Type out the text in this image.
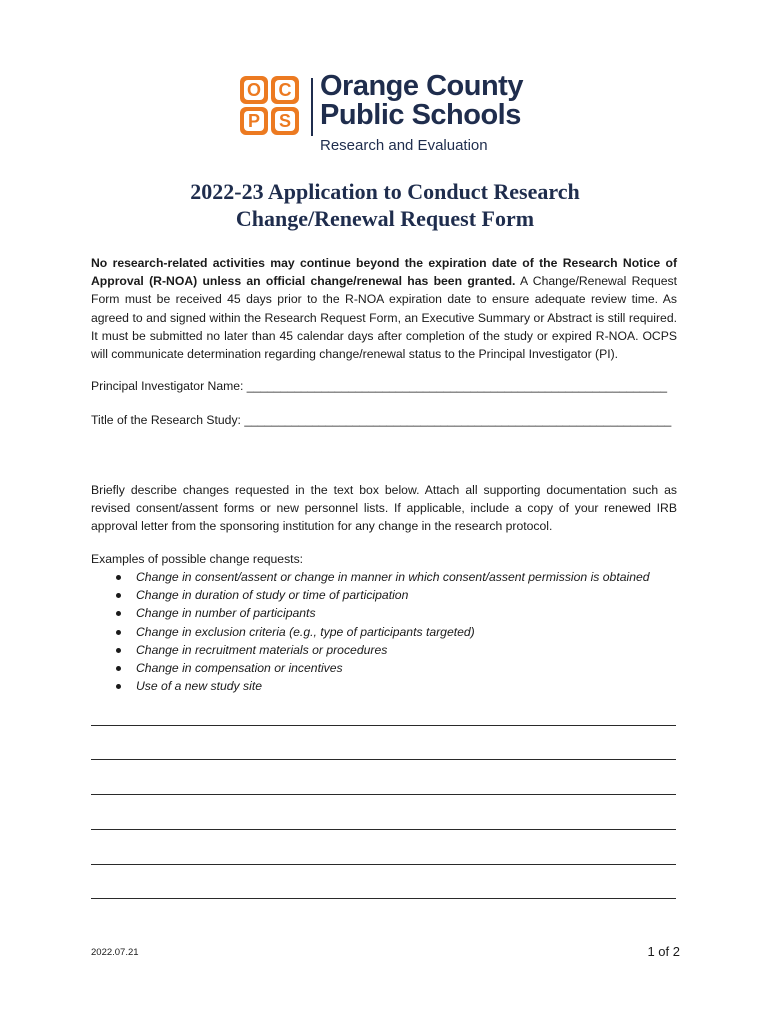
O C
P S
Orange County
Public Schools
Research and Evaluation
2022-23 Application to Conduct Research
Change/Renewal Request Form
No research-related activities may continue beyond the expiration date of the Research Notice of Approval (R-NOA) unless an official change/renewal has been granted. A Change/Renewal Request Form must be received 45 days prior to the R-NOA expiration date to ensure adequate review time. As agreed to and signed within the Research Request Form, an Executive Summary or Abstract is still required. It must be submitted no later than 45 calendar days after completion of the study or expired R-NOA. OCPS will communicate determination regarding change/renewal status to the Principal Investigator (PI).
Principal Investigator Name: ______________________________________________________________
Title of the Research Study: _______________________________________________________________
Briefly describe changes requested in the text box below. Attach all supporting documentation such as revised consent/assent forms or new personnel lists. If applicable, include a copy of your renewed IRB approval letter from the sponsoring institution for any change in the research protocol.
Examples of possible change requests:
Change in consent/assent or change in manner in which consent/assent permission is obtained
Change in duration of study or time of participation
Change in number of participants
Change in exclusion criteria (e.g., type of participants targeted)
Change in recruitment materials or procedures
Change in compensation or incentives
Use of a new study site
2022.07.21	1 of 2
